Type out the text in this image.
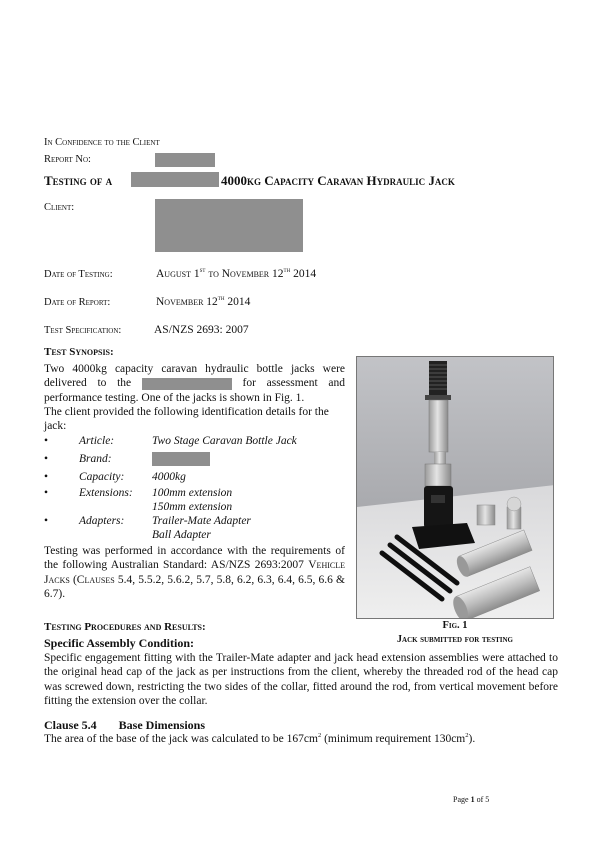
In Confidence to the Client
Report No:
Testing of a	4000kg Capacity Caravan Hydraulic Jack
Client:
Date of Testing:	August 1st to November 12th 2014
Date of Report:	November 12th 2014
Test Specification:	AS/NZS 2693: 2007
Test Synopsis:

Two 4000kg capacity caravan hydraulic bottle jacks were delivered to the	for assessment and performance testing. One of the jacks is shown in Fig. 1.

The client provided the following identification details for the jack:

•	Article:	Two Stage Caravan Bottle Jack
•	Brand:
•	Capacity:	4000kg
•	Extensions:	100mm extension
150mm extension
•	Adapters:	Trailer-Mate Adapter
Ball Adapter
Testing was performed in accordance with the requirements of the following Australian Standard: AS/NZS 2693:2007 Vehicle Jacks (Clauses 5.4, 5.5.2, 5.6.2, 5.7, 5.8, 6.2, 6.3, 6.4, 6.5, 6.6 & 6.7).
Fig. 1
Jack submitted for testing
Testing Procedures and Results:
Specific Assembly Condition:
Specific engagement fitting with the Trailer-Mate adapter and jack head extension assemblies were attached to the original head cap of the jack as per instructions from the client, whereby the threaded rod of the head cap was screwed down, restricting the two sides of the collar, fitted around the rod, from vertical movement before fitting the extension over the collar.
Clause 5.4 Base Dimensions
The area of the base of the jack was calculated to be $167cm^2$ (minimum requirement $130cm^2$).
Page 1 of 5
